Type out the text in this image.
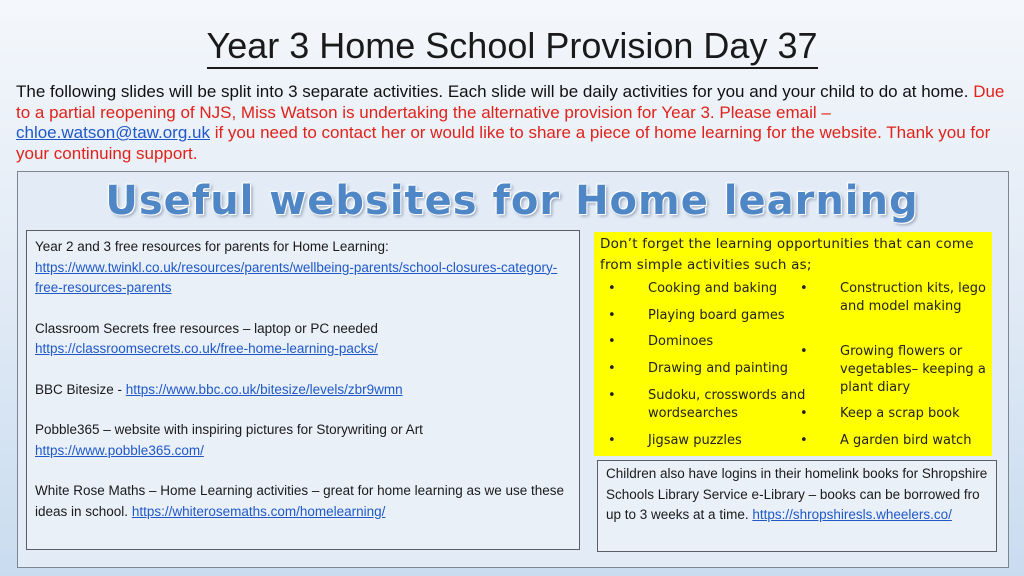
Year 3 Home School Provision Day 37
The following slides will be split into 3 separate activities. Each slide will be daily activities for you and your child to do at home. Due to a partial reopening of NJS, Miss Watson is undertaking the alternative provision for Year 3. Please email – chloe.watson@taw.org.uk if you need to contact her or would like to share a piece of home learning for the website. Thank you for your continuing support.
Useful websites for Home learning

Year 2 and 3 free resources for parents for Home Learning:
https://www.twinkl.co.uk/resources/parents/wellbeing-parents/school-closures-category-free-resources-parents

Classroom Secrets free resources – laptop or PC needed
https://classroomsecrets.co.uk/free-home-learning-packs/

BBC Bitesize - https://www.bbc.co.uk/bitesize/levels/zbr9wmn

Pobble365 – website with inspiring pictures for Storywriting or Art
https://www.pobble365.com/

White Rose Maths – Home Learning activities – great for home learning as we use these ideas in school. https://whiterosemaths.com/homelearning/

Don’t forget the learning opportunities that can come from simple activities such as;
• Cooking and baking
• Playing board games
• Dominoes
• Drawing and painting
• Sudoku, crosswords and wordsearches
• Jigsaw puzzles
• Construction kits, lego and model making
• Growing flowers or vegetables– keeping a plant diary
• Keep a scrap book
• A garden bird watch
Children also have logins in their homelink books for Shropshire Schools Library Service e-Library – books can be borrowed fro up to 3 weeks at a time. https://shropshiresls.wheelers.co/
